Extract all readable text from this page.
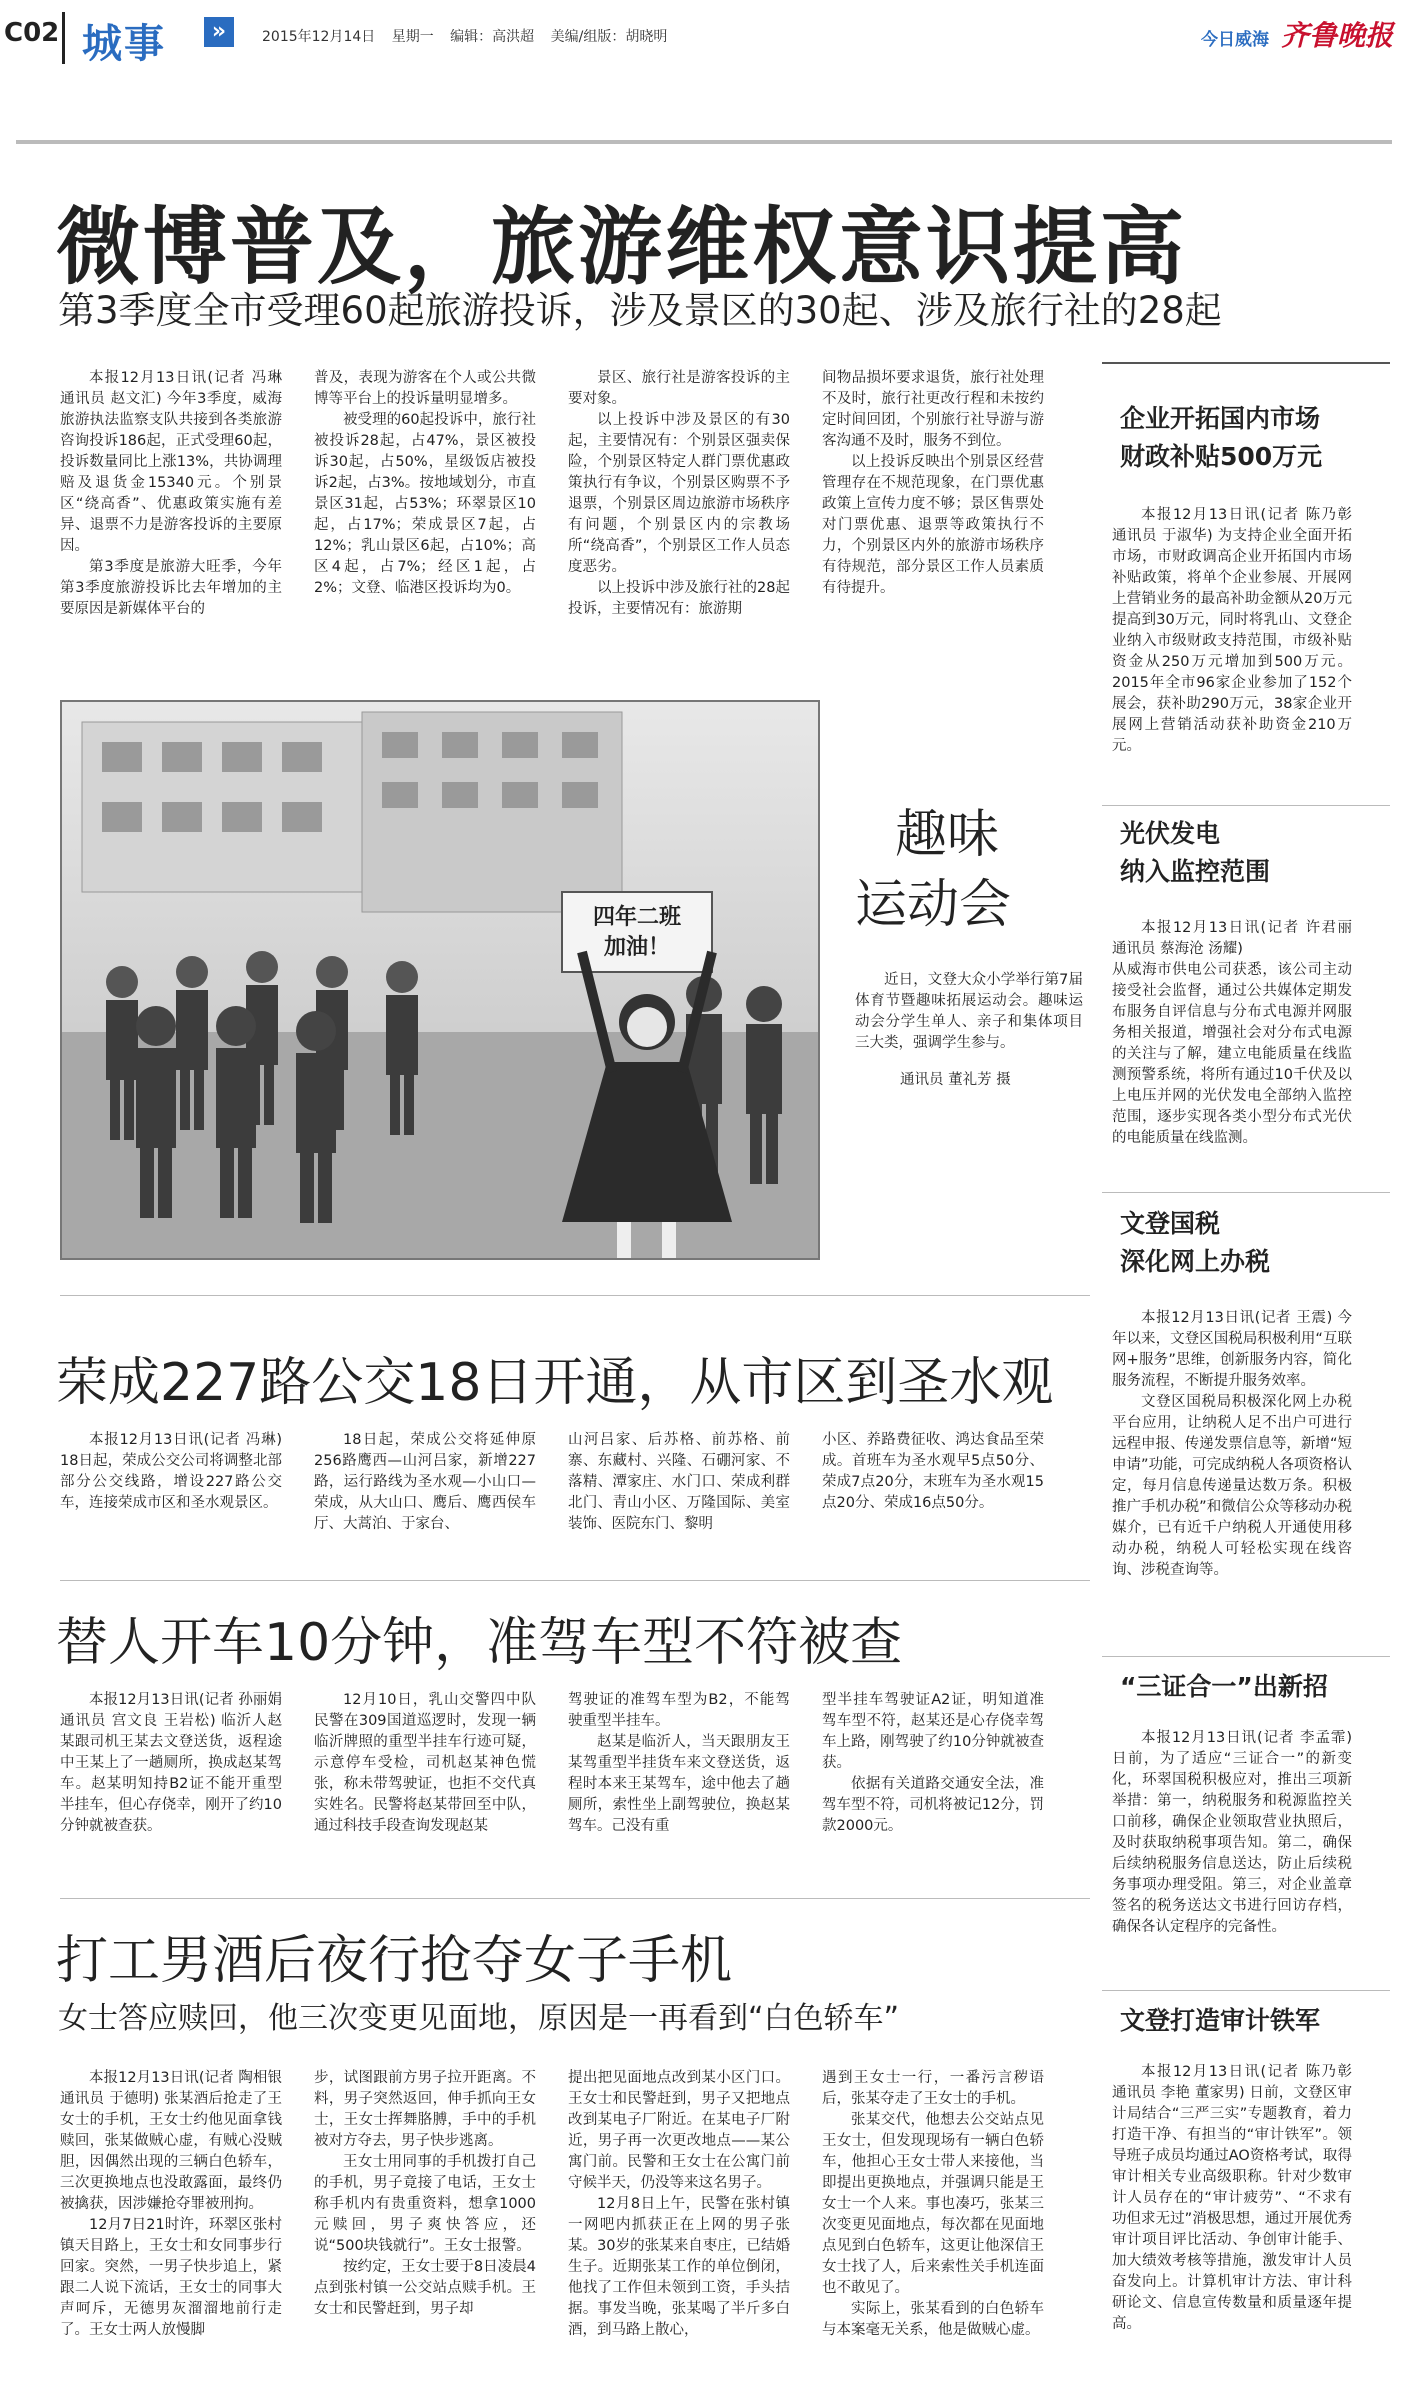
C02 城事	»	2015年12月14日 星期一 编辑：高洪超 美编/组版：胡晓明	今日威海 齐鲁晚报
微博普及，旅游维权意识提高
第3季度全市受理60起旅游投诉，涉及景区的30起、涉及旅行社的28起

本报12月13日讯(记者 冯琳 通讯员 赵文汇) 今年3季度，威海旅游执法监察支队共接到各类旅游咨询投诉186起，正式受理60起，投诉数量同比上涨13%，共协调理赔及退货金15340元。个别景区“绕高香”、优惠政策实施有差异、退票不力是游客投诉的主要原因。

第3季度是旅游大旺季，今年第3季度旅游投诉比去年增加的主要原因是新媒体平台的

普及，表现为游客在个人或公共微博等平台上的投诉量明显增多。

被受理的60起投诉中，旅行社被投诉28起，占47%，景区被投诉30起，占50%，星级饭店被投诉2起，占3%。按地域划分，市直景区31起，占53%；环翠景区10起，占17%；荣成景区7起，占12%；乳山景区6起，占10%；高区4起，占7%；经区1起，占2%；文登、临港区投诉均为0。

景区、旅行社是游客投诉的主要对象。

以上投诉中涉及景区的有30起，主要情况有：个别景区强卖保险，个别景区特定人群门票优惠政策执行有争议，个别景区购票不予退票，个别景区周边旅游市场秩序有问题，个别景区内的宗教场所“绕高香”，个别景区工作人员态度恶劣。

以上投诉中涉及旅行社的28起投诉，主要情况有：旅游期

间物品损坏要求退货，旅行社处理不及时，旅行社更改行程和未按约定时间回团，个别旅行社导游与游客沟通不及时，服务不到位。

以上投诉反映出个别景区经营管理存在不规范现象，在门票优惠政策上宣传力度不够；景区售票处对门票优惠、退票等政策执行不力，个别景区内外的旅游市场秩序有待规范，部分景区工作人员素质有待提升。

四年二班
加油！
趣味
运动会
近日，文登大众小学举行第7届体育节暨趣味拓展运动会。趣味运动会分学生单人、亲子和集体项目三大类，强调学生参与。
通讯员 董礼芳 摄
荣成227路公交18日开通，从市区到圣水观

本报12月13日讯(记者 冯琳) 18日起，荣成公交公司将调整北部部分公交线路，增设227路公交车，连接荣成市区和圣水观景区。

18日起，荣成公交将延伸原256路鹰西—山河吕家，新增227路，运行路线为圣水观—小山口—荣成，从大山口、鹰后、鹰西侯车厅、大蒿泊、于家台、

山河吕家、后苏格、前苏格、前寨、东藏村、兴隆、石硼河家、不落精、潭家庄、水门口、荣成利群北门、青山小区、万隆国际、美室装饰、医院东门、黎明

小区、养路费征收、鸿达食品至荣成。首班车为圣水观早5点50分、荣成7点20分，末班车为圣水观15点20分、荣成16点50分。

替人开车10分钟，准驾车型不符被查

本报12月13日讯(记者 孙丽娟 通讯员 宫文良 王岩松) 临沂人赵某跟司机王某去文登送货，返程途中王某上了一趟厕所，换成赵某驾车。赵某明知持B2证不能开重型半挂车，但心存侥幸，刚开了约10分钟就被查获。

12月10日，乳山交警四中队民警在309国道巡逻时，发现一辆临沂牌照的重型半挂车行迹可疑，示意停车受检，司机赵某神色慌张，称未带驾驶证，也拒不交代真实姓名。民警将赵某带回至中队，通过科技手段查询发现赵某

驾驶证的准驾车型为B2，不能驾驶重型半挂车。

赵某是临沂人，当天跟朋友王某驾重型半挂货车来文登送货，返程时本来王某驾车，途中他去了趟厕所，索性坐上副驾驶位，换赵某驾车。己没有重

型半挂车驾驶证A2证，明知道准驾车型不符，赵某还是心存侥幸驾车上路，刚驾驶了约10分钟就被查获。

依据有关道路交通安全法，准驾车型不符，司机将被记12分，罚款2000元。

打工男酒后夜行抢夺女子手机
女士答应赎回，他三次变更见面地，原因是一再看到“白色轿车”

本报12月13日讯(记者 陶相银 通讯员 于德明) 张某酒后抢走了王女士的手机，王女士约他见面拿钱赎回，张某做贼心虚，有贼心没贼胆，因偶然出现的三辆白色轿车，三次更换地点也没敢露面，最终仍被擒获，因涉嫌抢夺罪被刑拘。

12月7日21时许，环翠区张村镇天目路上，王女士和女同事步行回家。突然，一男子快步追上，紧跟二人说下流话，王女士的同事大声呵斥，无德男灰溜溜地前行走了。王女士两人放慢脚

步，试图跟前方男子拉开距离。不料，男子突然返回，伸手抓向王女士，王女士挥舞胳膊，手中的手机被对方夺去，男子快步逃离。

王女士用同事的手机拨打自己的手机，男子竟接了电话，王女士称手机内有贵重资料，想拿1000元赎回，男子爽快答应，还说“500块钱就行”。王女士报警。

按约定，王女士要于8日凌晨4点到张村镇一公交站点赎手机。王女士和民警赶到，男子却

提出把见面地点改到某小区门口。王女士和民警赶到，男子又把地点改到某电子厂附近。在某电子厂附近，男子再一次更改地点——某公寓门前。民警和王女士在公寓门前守候半天，仍没等来这名男子。

12月8日上午，民警在张村镇一网吧内抓获正在上网的男子张某。30岁的张某来自枣庄，已结婚生子。近期张某工作的单位倒闭，他找了工作但未领到工资，手头拮据。事发当晚，张某喝了半斤多白酒，到马路上散心，

遇到王女士一行，一番污言秽语后，张某夺走了王女士的手机。

张某交代，他想去公交站点见王女士，但发现现场有一辆白色轿车，他担心王女士带人来接他，当即提出更换地点，并强调只能是王女士一个人来。事也凑巧，张某三次变更见面地点，每次都在见面地点见到白色轿车，这更让他深信王女士找了人，后来索性关手机连面也不敢见了。

实际上，张某看到的白色轿车与本案毫无关系，他是做贼心虚。

企业开拓国内市场
财政补贴500万元

本报12月13日讯(记者 陈乃彰 通讯员 于淑华) 为支持企业全面开拓市场，市财政调高企业开拓国内市场补贴政策，将单个企业参展、开展网上营销业务的最高补助金额从20万元提高到30万元，同时将乳山、文登企业纳入市级财政支持范围，市级补贴资金从250万元增加到500万元。2015年全市96家企业参加了152个展会，获补助290万元，38家企业开展网上营销活动获补助资金210万元。

光伏发电
纳入监控范围

本报12月13日讯(记者 许君丽 通讯员 蔡海沧 汤耀)

从威海市供电公司获悉，该公司主动接受社会监督，通过公共媒体定期发布服务自评信息与分布式电源并网服务相关报道，增强社会对分布式电源的关注与了解，建立电能质量在线监测预警系统，将所有通过10千伏及以上电压并网的光伏发电全部纳入监控范围，逐步实现各类小型分布式光伏的电能质量在线监测。

文登国税
深化网上办税

本报12月13日讯(记者 王震) 今年以来，文登区国税局积极利用“互联网+服务”思维，创新服务内容，简化服务流程，不断提升服务效率。

文登区国税局积极深化网上办税平台应用，让纳税人足不出户可进行远程申报、传递发票信息等，新增“短申请”功能，可完成纳税人各项资格认定，每月信息传递量达数万条。积极推广手机办税”和微信公众等移动办税媒介，已有近千户纳税人开通使用移动办税，纳税人可轻松实现在线咨询、涉税查询等。

“三证合一”出新招

本报12月13日讯(记者 李孟霏) 日前，为了适应“三证合一”的新变化，环翠国税积极应对，推出三项新举措：第一，纳税服务和税源监控关口前移，确保企业领取营业执照后，及时获取纳税事项告知。第二，确保后续纳税服务信息送达，防止后续税务事项办理受阻。第三，对企业盖章签名的税务送达文书进行回访存档，确保各认定程序的完备性。

文登打造审计铁军

本报12月13日讯(记者 陈乃彰 通讯员 李艳 董家男) 日前，文登区审计局结合“三严三实”专题教育，着力打造干净、有担当的“审计铁军”。领导班子成员均通过AO资格考试，取得审计相关专业高级职称。针对少数审计人员存在的“审计疲劳”、“不求有功但求无过”消极思想，通过开展优秀审计项目评比活动、争创审计能手、加大绩效考核等措施，激发审计人员奋发向上。计算机审计方法、审计科研论文、信息宣传数量和质量逐年提高。
